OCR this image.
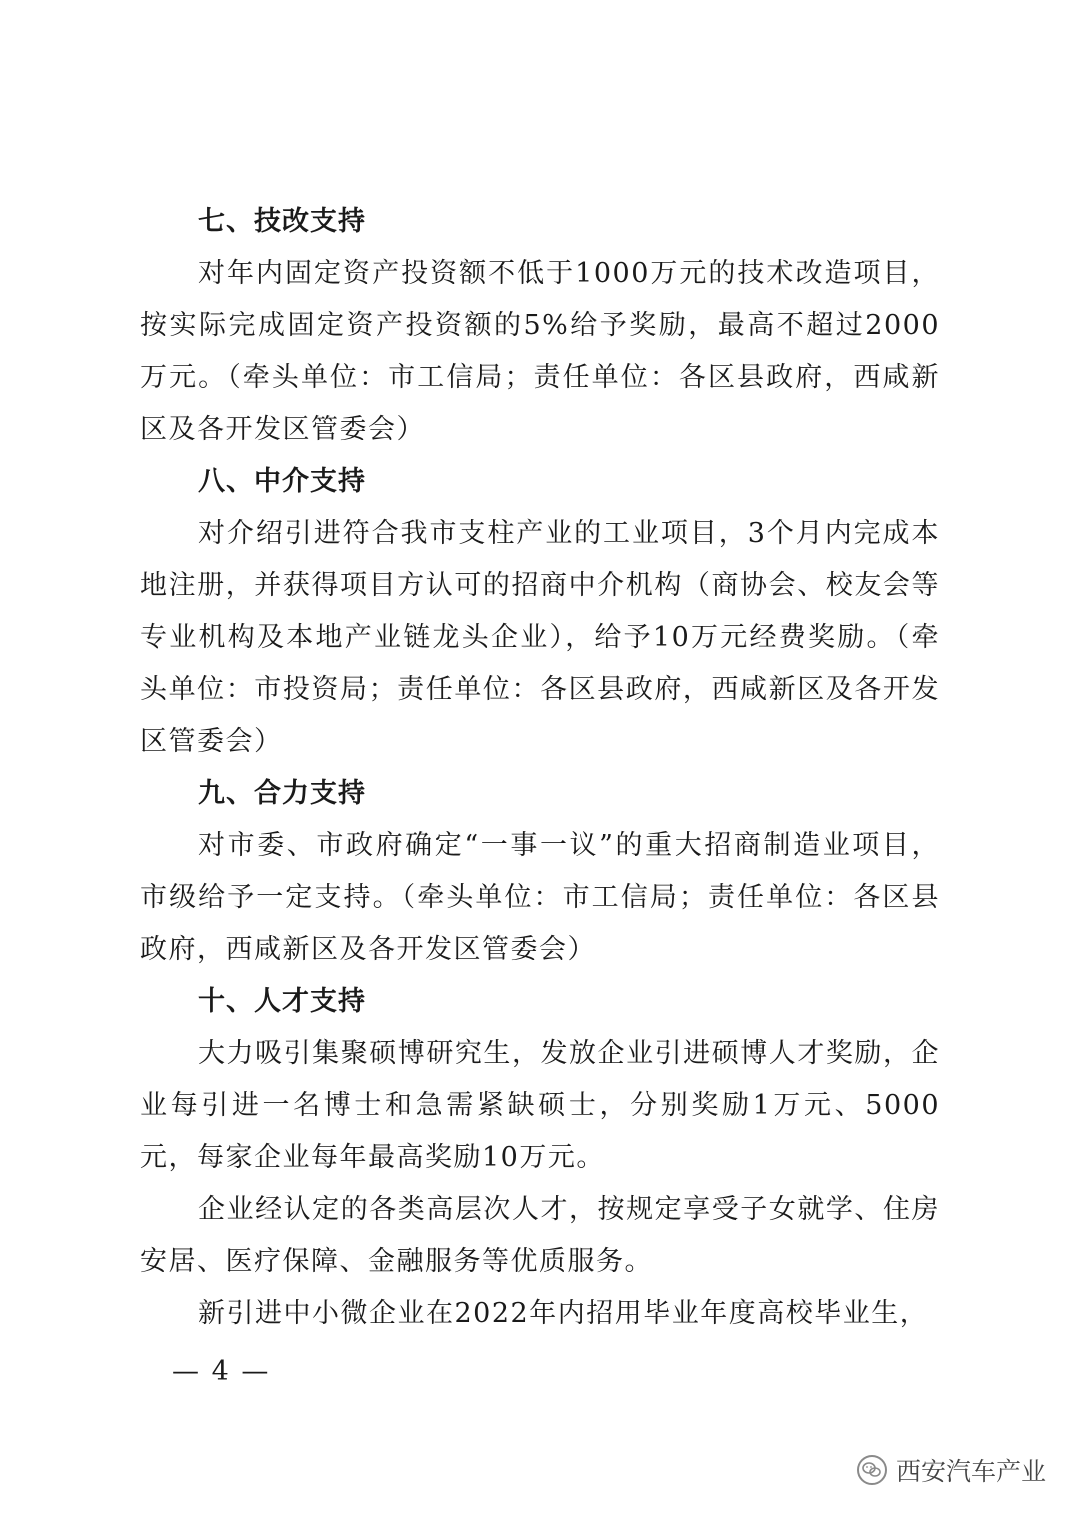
七、技改支持

对年内固定资产投资额不低于1000万元的技术改造项目，按实际完成固定资产投资额的5%给予奖励，最高不超过2000万元。（牵头单位：市工信局；责任单位：各区县政府，西咸新区及各开发区管委会）

八、中介支持

对介绍引进符合我市支柱产业的工业项目，3个月内完成本地注册，并获得项目方认可的招商中介机构（商协会、校友会等专业机构及本地产业链龙头企业），给予10万元经费奖励。（牵头单位：市投资局；责任单位：各区县政府，西咸新区及各开发区管委会）

九、合力支持

对市委、市政府确定“一事一议”的重大招商制造业项目，市级给予一定支持。（牵头单位：市工信局；责任单位：各区县政府，西咸新区及各开发区管委会）

十、人才支持

大力吸引集聚硕博研究生，发放企业引进硕博人才奖励，企业每引进一名博士和急需紧缺硕士，分别奖励1万元、5000元，每家企业每年最高奖励10万元。

企业经认定的各类高层次人才，按规定享受子女就学、住房安居、医疗保障、金融服务等优质服务。

新引进中小微企业在2022年内招用毕业年度高校毕业生，

— 4 —
西安汽车产业
